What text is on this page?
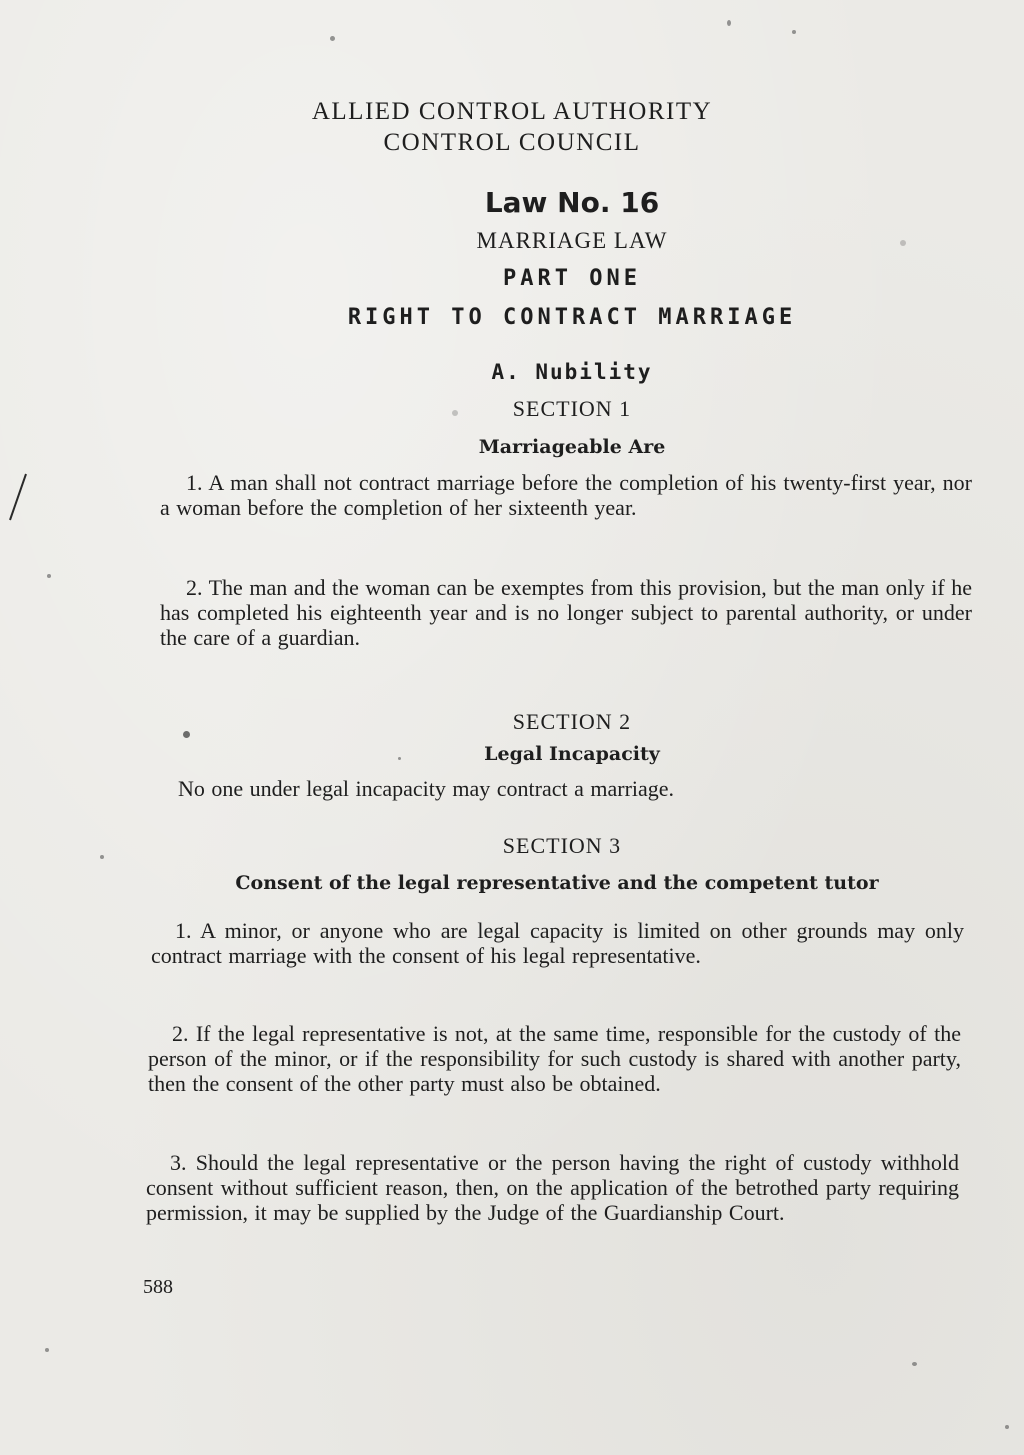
ALLIED CONTROL AUTHORITY
CONTROL COUNCIL
Law No. 16
MARRIAGE LAW
PART ONE
RIGHT TO CONTRACT MARRIAGE
A. Nubility
SECTION 1
Marriageable Are
1. A man shall not contract marriage before the completion of his twenty-first year, nor a woman before the completion of her sixteenth year.
2. The man and the woman can be exemptes from this provision, but the man only if he has completed his eighteenth year and is no longer subject to parental authority, or under the care of a guardian.
SECTION 2
Legal Incapacity
No one under legal incapacity may contract a marriage.
SECTION 3
Consent of the legal representative and the competent tutor
1. A minor, or anyone who are legal capacity is limited on other grounds may only contract marriage with the consent of his legal representative.
2. If the legal representative is not, at the same time, responsible for the custody of the person of the minor, or if the responsibility for such custody is shared with another party, then the consent of the other party must also be obtained.
3. Should the legal representative or the person having the right of custody withhold consent without sufficient reason, then, on the application of the betrothed party requiring permission, it may be supplied by the Judge of the Guardianship Court.
588
